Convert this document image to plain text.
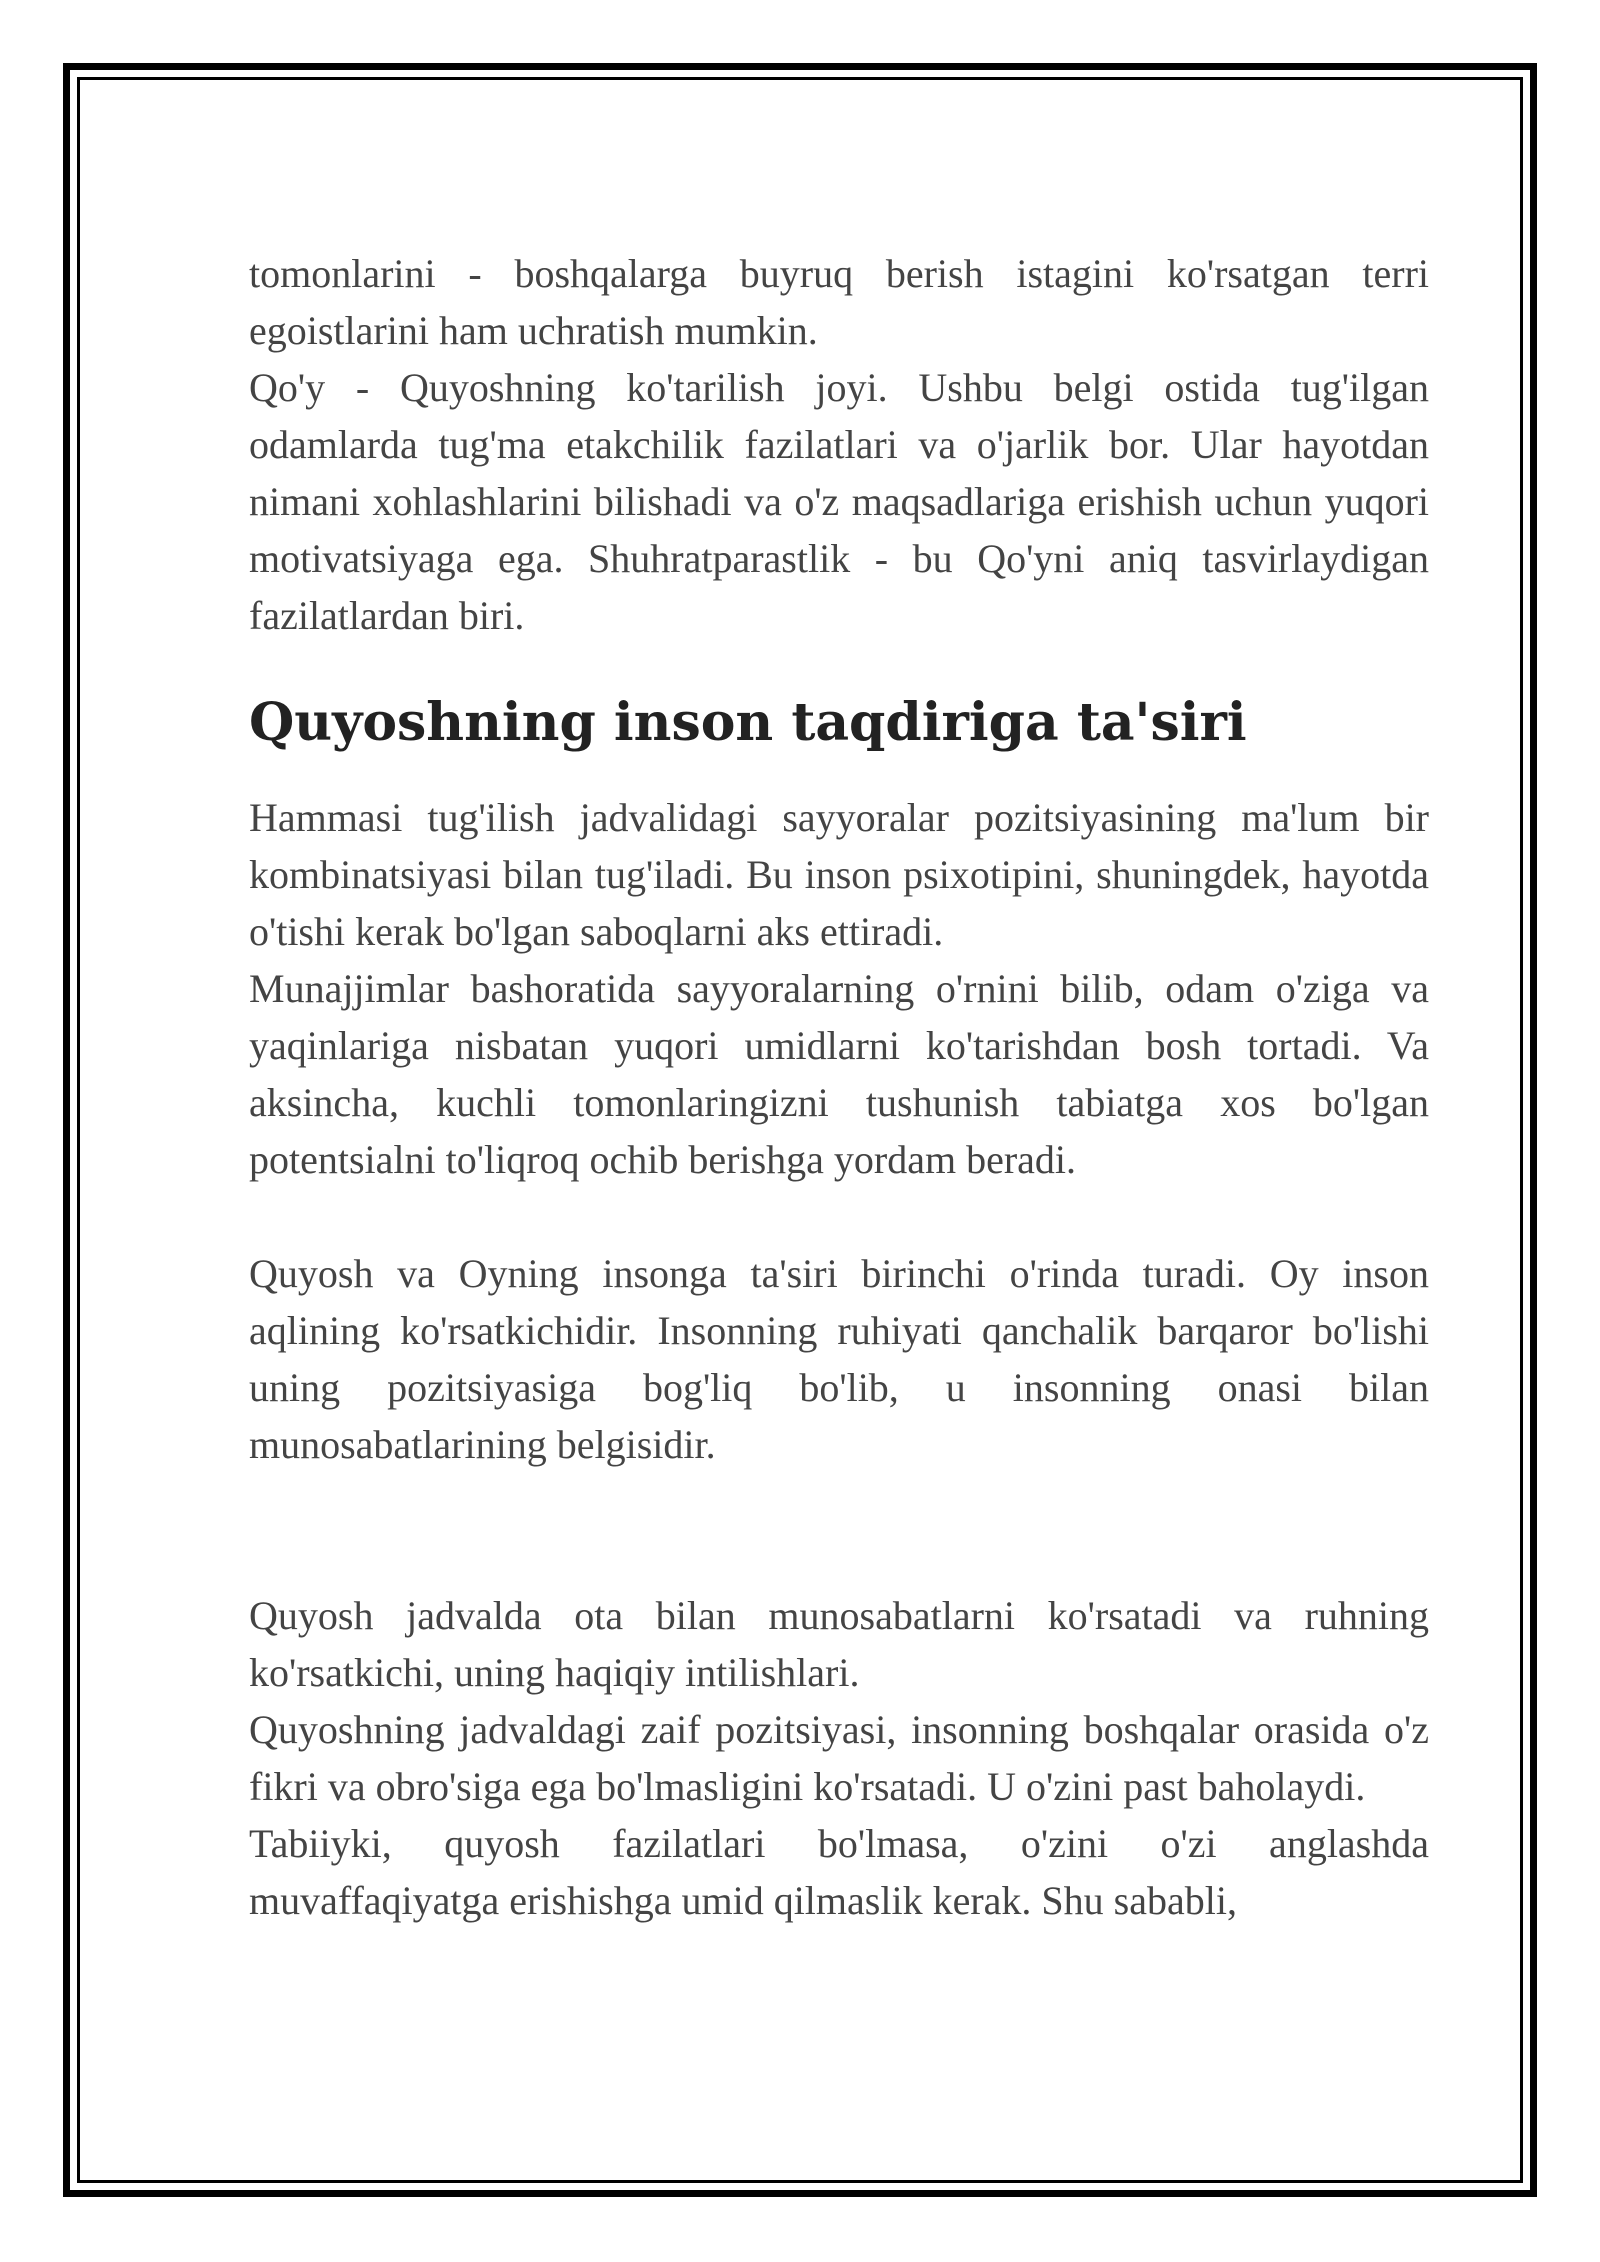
tomonlarini - boshqalarga buyruq berish istagini ko'rsatgan terri egoistlarini ham uchratish mumkin.

Qo'y - Quyoshning ko'tarilish joyi. Ushbu belgi ostida tug'ilgan odamlarda tug'ma etakchilik fazilatlari va o'jarlik bor. Ular hayotdan nimani xohlashlarini bilishadi va o'z maqsadlariga erishish uchun yuqori motivatsiyaga ega. Shuhratparastlik - bu Qo'yni aniq tasvirlaydigan fazilatlardan biri.

Quyoshning inson taqdiriga ta'siri

Hammasi tug'ilish jadvalidagi sayyoralar pozitsiyasining ma'lum bir kombinatsiyasi bilan tug'iladi. Bu inson psixotipini, shuningdek, hayotda o'tishi kerak bo'lgan saboqlarni aks ettiradi.

Munajjimlar bashoratida sayyoralarning o'rnini bilib, odam o'ziga va yaqinlariga nisbatan yuqori umidlarni ko'tarishdan bosh tortadi. Va aksincha, kuchli tomonlaringizni tushunish tabiatga xos bo'lgan potentsialni to'liqroq ochib berishga yordam beradi.

Quyosh va Oyning insonga ta'siri birinchi o'rinda turadi. Oy inson aqlining ko'rsatkichidir. Insonning ruhiyati qanchalik barqaror bo'lishi uning pozitsiyasiga bog'liq bo'lib, u insonning onasi bilan munosabatlarining belgisidir.

Quyosh jadvalda ota bilan munosabatlarni ko'rsatadi va ruhning ko'rsatkichi, uning haqiqiy intilishlari.

Quyoshning jadvaldagi zaif pozitsiyasi, insonning boshqalar orasida o'z fikri va obro'siga ega bo'lmasligini ko'rsatadi. U o'zini past baholaydi.

Tabiiyki, quyosh fazilatlari bo'lmasa, o'zini o'zi anglashda muvaffaqiyatga erishishga umid qilmaslik kerak. Shu sababli,
